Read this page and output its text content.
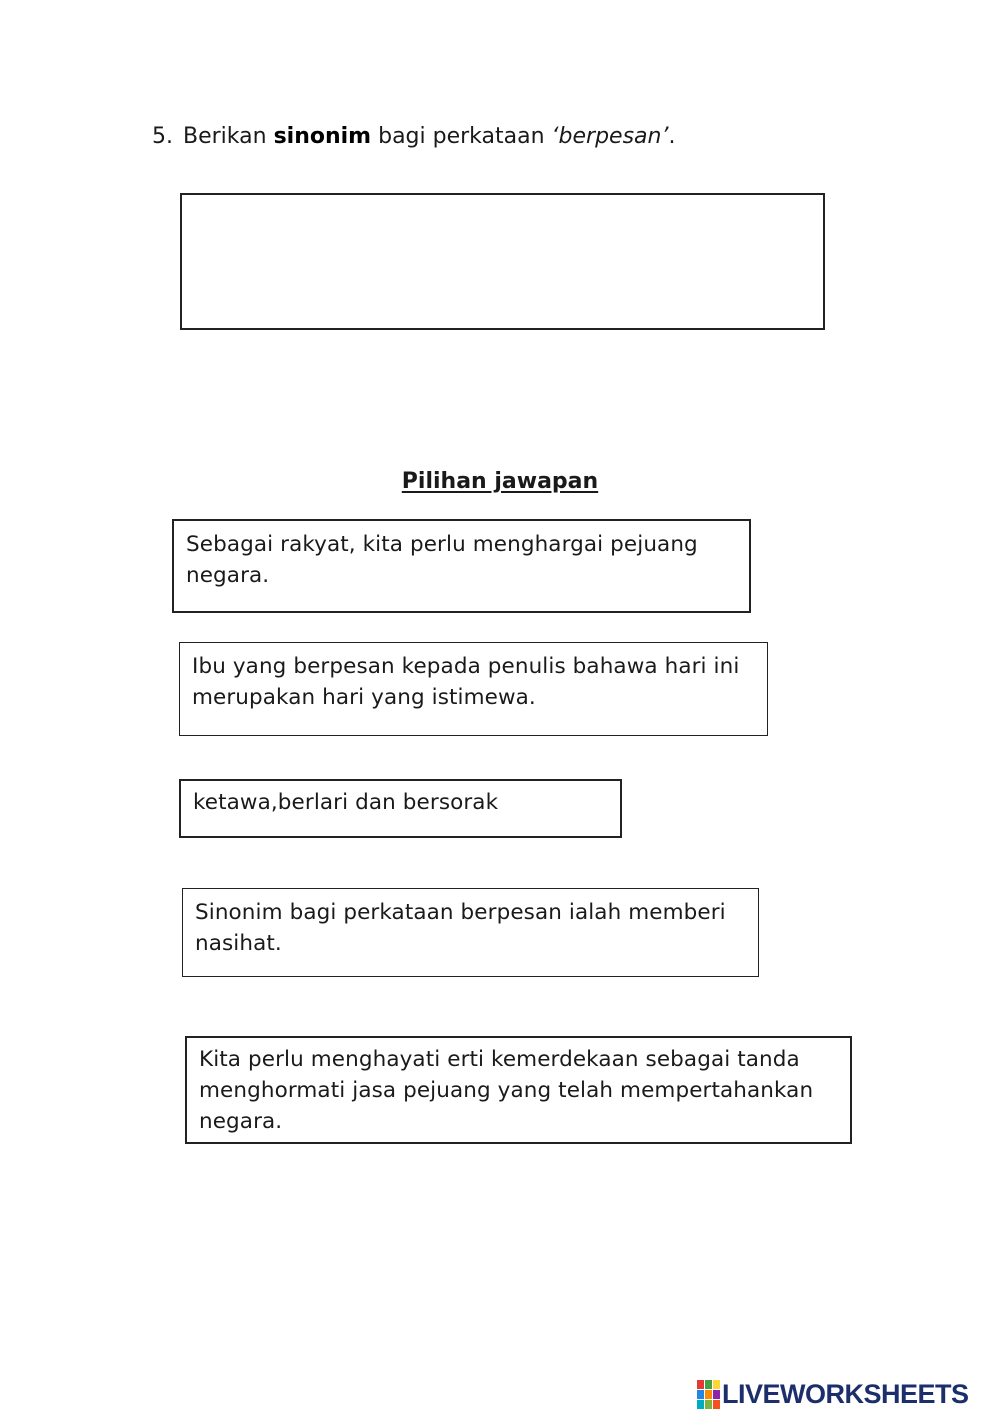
5. Berikan sinonim bagi perkataan ‘berpesan’.
Pilihan jawapan
Sebagai rakyat, kita perlu menghargai pejuang negara.
Ibu yang berpesan kepada penulis bahawa hari ini merupakan hari yang istimewa.
ketawa,berlari dan bersorak
Sinonim bagi perkataan berpesan ialah memberi nasihat.
Kita perlu menghayati erti kemerdekaan sebagai tanda menghormati jasa pejuang yang telah mempertahankan negara.
LIVEWORKSHEETS
